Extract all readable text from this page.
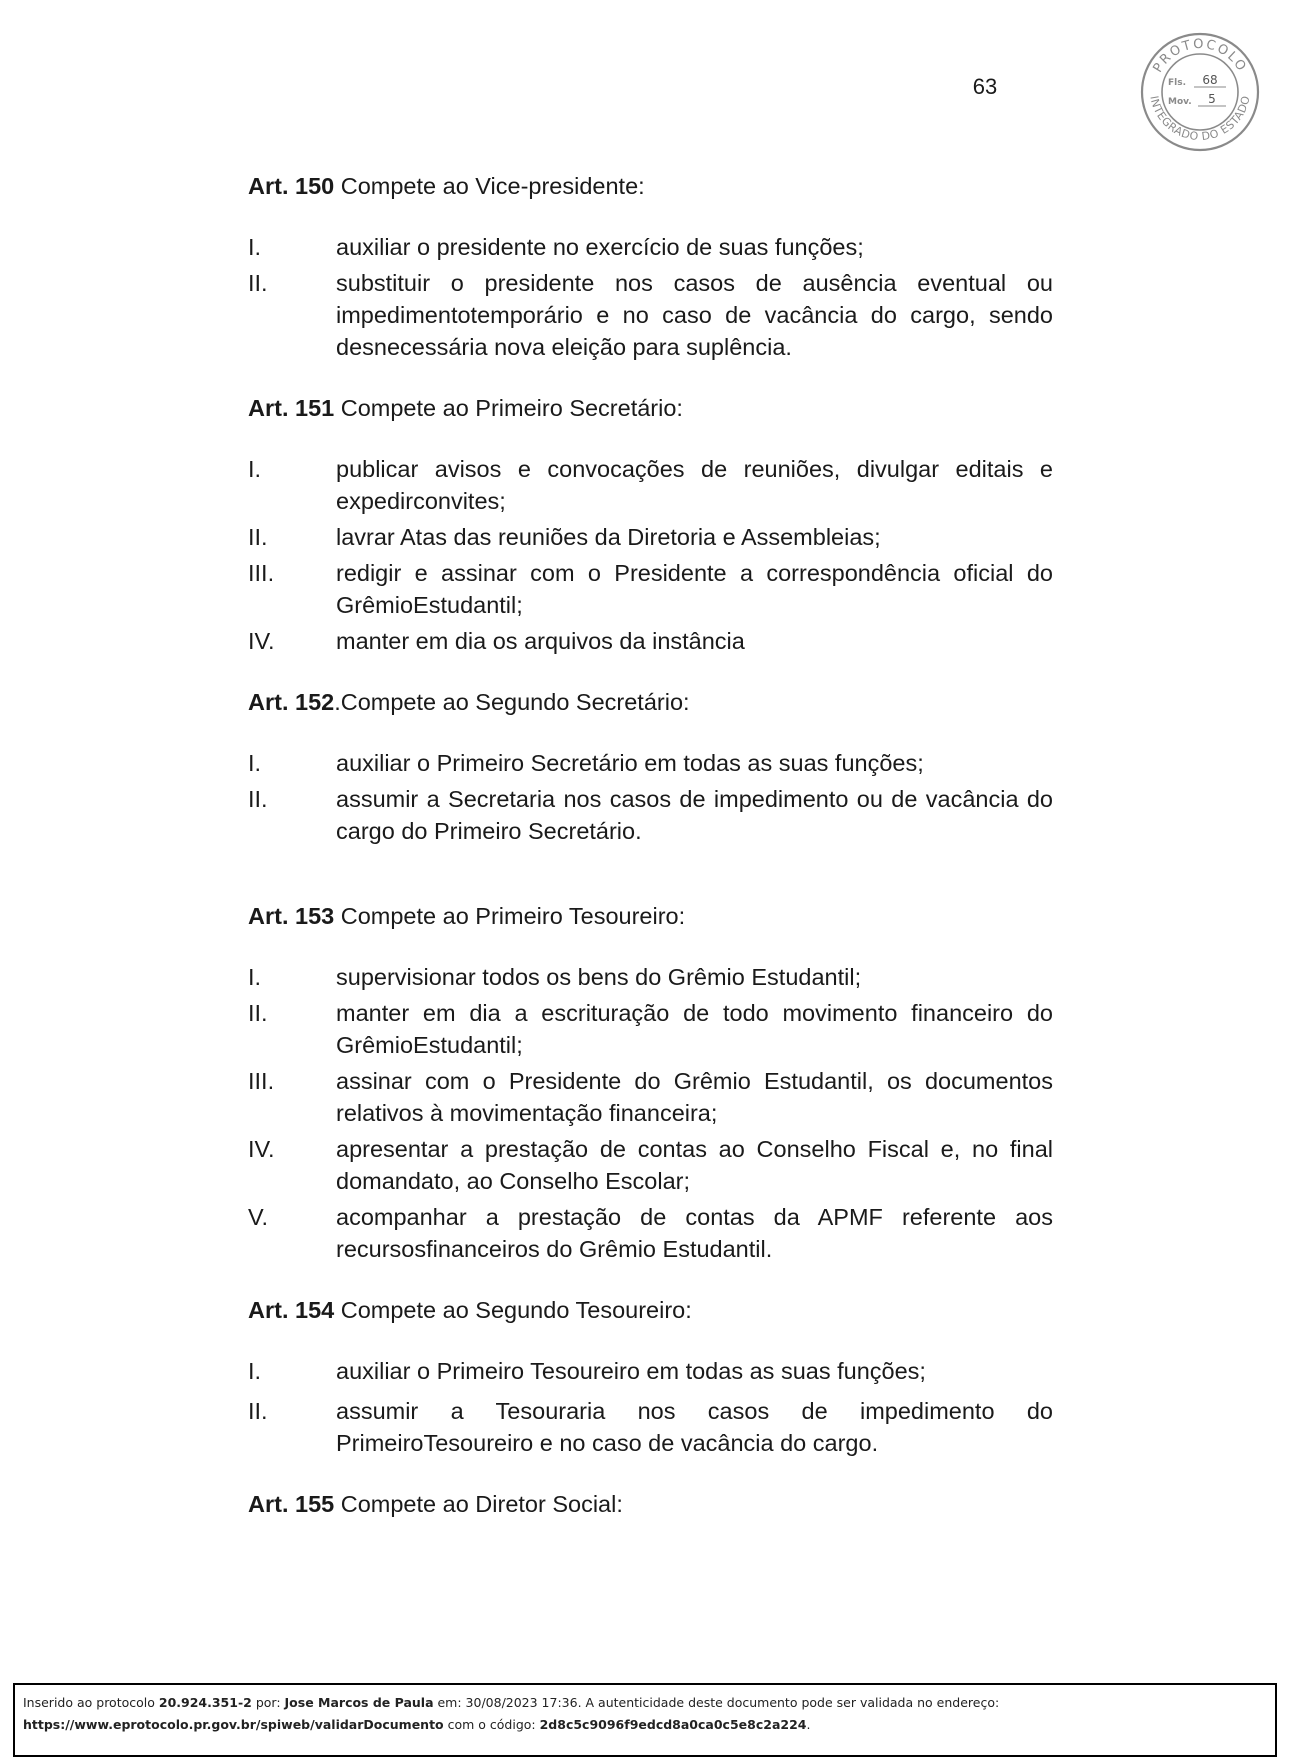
63
PROTOCOLO
INTEGRADO DO ESTADO
Fls. 68
Mov. 5

Art. 150 Compete ao Vice-presidente:

I.	auxiliar o presidente no exercício de suas funções;
II.	substituir o presidente nos casos de ausência eventual ou impedimentotemporário e no caso de vacância do cargo, sendo desnecessária nova eleição para suplência.

Art. 151 Compete ao Primeiro Secretário:

I.	publicar avisos e convocações de reuniões, divulgar editais e expedirconvites;
II.	lavrar Atas das reuniões da Diretoria e Assembleias;
III.	redigir e assinar com o Presidente a correspondência oficial do GrêmioEstudantil;
IV.	manter em dia os arquivos da instância

Art. 152.Compete ao Segundo Secretário:

I.	auxiliar o Primeiro Secretário em todas as suas funções;
II.	assumir a Secretaria nos casos de impedimento ou de vacância do cargo do Primeiro Secretário.

Art. 153 Compete ao Primeiro Tesoureiro:

I.	supervisionar todos os bens do Grêmio Estudantil;
II.	manter em dia a escrituração de todo movimento financeiro do GrêmioEstudantil;
III.	assinar com o Presidente do Grêmio Estudantil, os documentos relativos à movimentação financeira;
IV.	apresentar a prestação de contas ao Conselho Fiscal e, no final domandato, ao Conselho Escolar;
V.	acompanhar a prestação de contas da APMF referente aos recursosfinanceiros do Grêmio Estudantil.

Art. 154 Compete ao Segundo Tesoureiro:

I.	auxiliar o Primeiro Tesoureiro em todas as suas funções;
II.	assumir a Tesouraria nos casos de impedimento do PrimeiroTesoureiro e no caso de vacância do cargo.

Art. 155 Compete ao Diretor Social:

Inserido ao protocolo 20.924.351-2 por: Jose Marcos de Paula em: 30/08/2023 17:36. A autenticidade deste documento pode ser validada no endereço:
https://www.eprotocolo.pr.gov.br/spiweb/validarDocumento com o código: 2d8c5c9096f9edcd8a0ca0c5e8c2a224.
